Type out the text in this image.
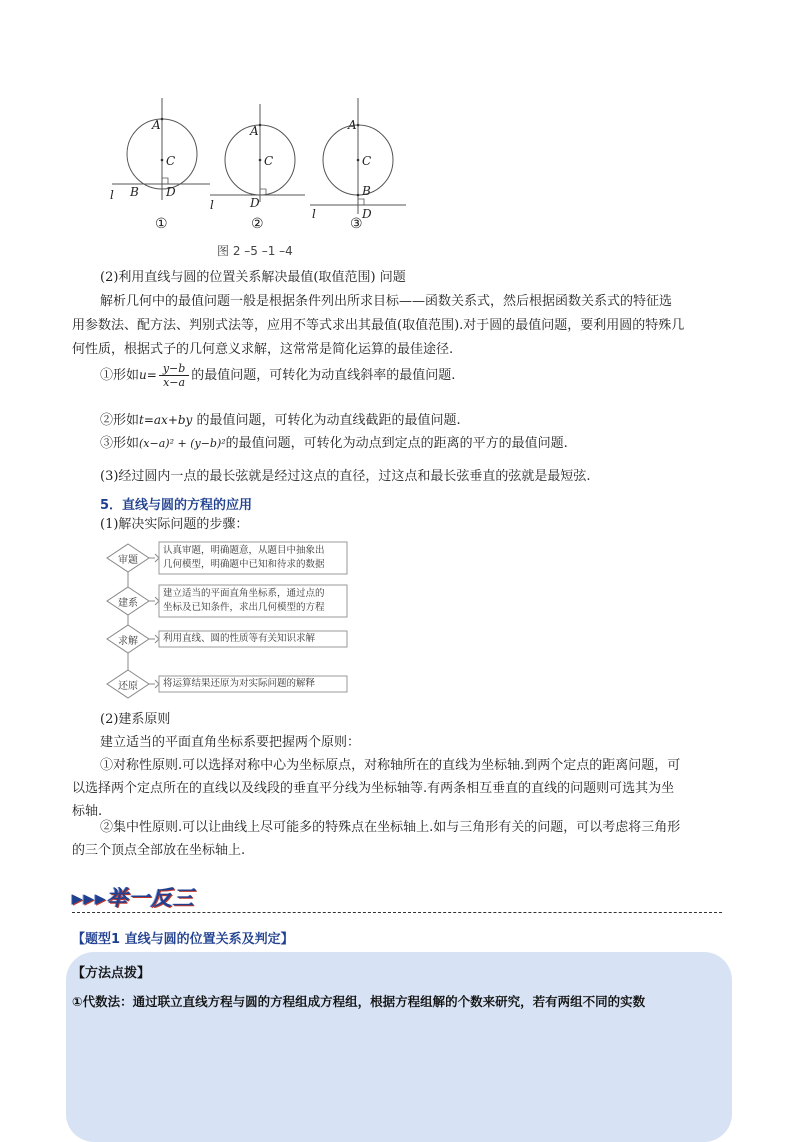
A
C
B D
l
①
A
C
D
l
②
A
C
B
D
l
③
图 2 –5 –1 –4
(2)利用直线与圆的位置关系解决最值(取值范围) 问题
解析几何中的最值问题一般是根据条件列出所求目标——函数关系式，然后根据函数关系式的特征选
用参数法、配方法、判别式法等，应用不等式求出其最值(取值范围).对于圆的最值问题，要利用圆的特殊几
何性质，根据式子的几何意义求解，这常常是简化运算的最佳途径.
①形如$u= \frac{y-b}{x-a}$ 的最值问题，可转化为动直线斜率的最值问题.
②形如t=ax+by 的最值问题，可转化为动直线截距的最值问题.
③形如(x−a)² + (y−b)²的最值问题，可转化为动点到定点的距离的平方的最值问题.
(3)经过圆内一点的最长弦就是经过这点的直径，过这点和最长弦垂直的弦就是最短弦.
5．直线与圆的方程的应用
(1)解决实际问题的步骤：
审题
建系
求解
还原
认真审题，明确题意，从题目中抽象出
几何模型，明确题中已知和待求的数据
建立适当的平面直角坐标系，通过点的
坐标及已知条件，求出几何模型的方程
利用直线、圆的性质等有关知识求解
将运算结果还原为对实际问题的解释
(2)建系原则
建立适当的平面直角坐标系要把握两个原则：
①对称性原则.可以选择对称中心为坐标原点，对称轴所在的直线为坐标轴.到两个定点的距离问题，可
以选择两个定点所在的直线以及线段的垂直平分线为坐标轴等.有两条相互垂直的直线的问题则可选其为坐
标轴.
②集中性原则.可以让曲线上尽可能多的特殊点在坐标轴上.如与三角形有关的问题，可以考虑将三角形
的三个顶点全部放在坐标轴上.
▸▸▸举一反三
【题型1 直线与圆的位置关系及判定】
【方法点拨】
①代数法：通过联立直线方程与圆的方程组成方程组，根据方程组解的个数来研究，若有两组不同的实数
